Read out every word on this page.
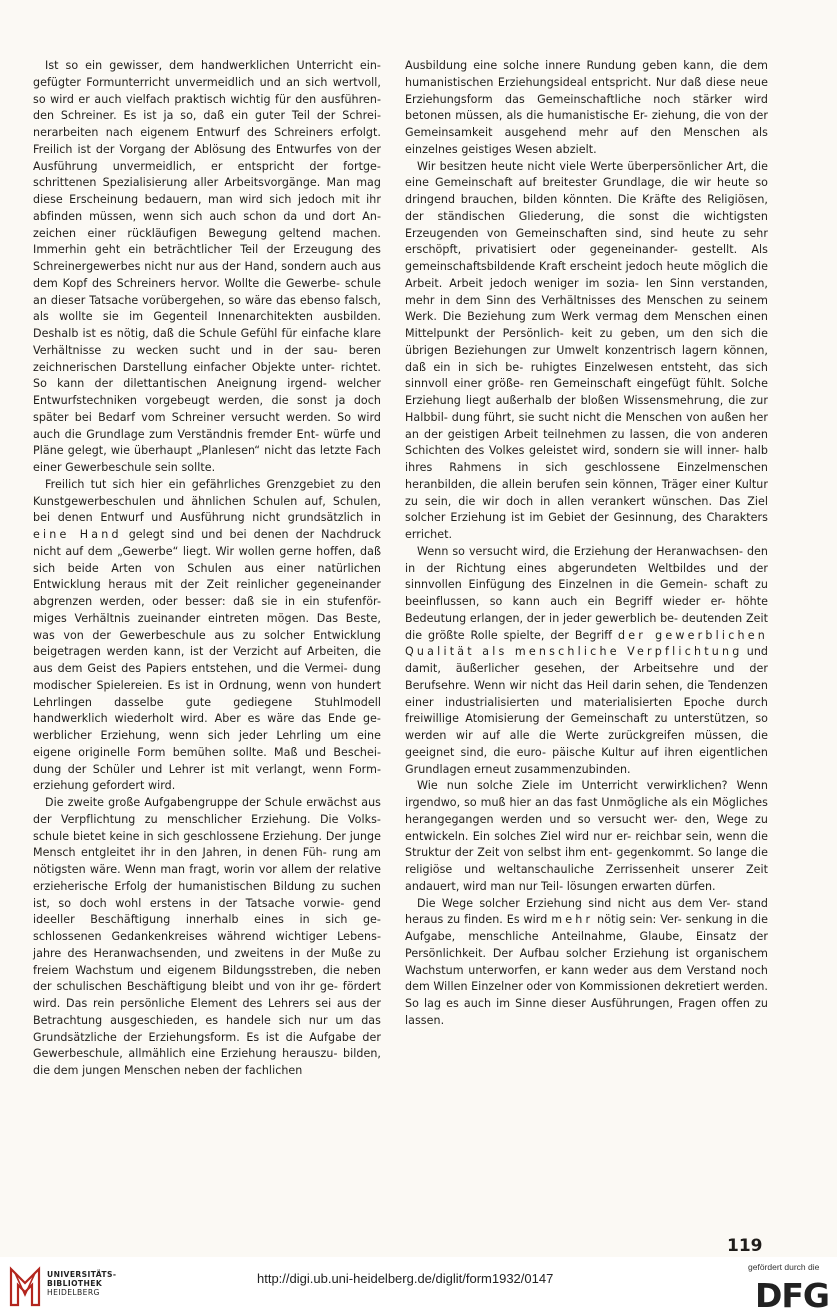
Ist so ein gewisser, dem handwerklichen Unterricht ein- gefügter Formunterricht unvermeidlich und an sich wertvoll, so wird er auch vielfach praktisch wichtig für den ausführen- den Schreiner. Es ist ja so, daß ein guter Teil der Schrei- nerarbeiten nach eigenem Entwurf des Schreiners erfolgt. Freilich ist der Vorgang der Ablösung des Entwurfes von der Ausführung unvermeidlich, er entspricht der fortge- schrittenen Spezialisierung aller Arbeitsvorgänge. Man mag diese Erscheinung bedauern, man wird sich jedoch mit ihr abfinden müssen, wenn sich auch schon da und dort An- zeichen einer rückläufigen Bewegung geltend machen. Immerhin geht ein beträchtlicher Teil der Erzeugung des Schreinergewerbes nicht nur aus der Hand, sondern auch aus dem Kopf des Schreiners hervor. Wollte die Gewerbe- schule an dieser Tatsache vorübergehen, so wäre das ebenso falsch, als wollte sie im Gegenteil Innenarchitekten ausbilden. Deshalb ist es nötig, daß die Schule Gefühl für einfache klare Verhältnisse zu wecken sucht und in der sau- beren zeichnerischen Darstellung einfacher Objekte unter- richtet. So kann der dilettantischen Aneignung irgend- welcher Entwurfstechniken vorgebeugt werden, die sonst ja doch später bei Bedarf vom Schreiner versucht werden. So wird auch die Grundlage zum Verständnis fremder Ent- würfe und Pläne gelegt, wie überhaupt „Planlesen“ nicht das letzte Fach einer Gewerbeschule sein sollte.

Freilich tut sich hier ein gefährliches Grenzgebiet zu den Kunstgewerbeschulen und ähnlichen Schulen auf, Schulen, bei denen Entwurf und Ausführung nicht grundsätzlich in eine Hand gelegt sind und bei denen der Nachdruck nicht auf dem „Gewerbe“ liegt. Wir wollen gerne hoffen, daß sich beide Arten von Schulen aus einer natürlichen Entwicklung heraus mit der Zeit reinlicher gegeneinander abgrenzen werden, oder besser: daß sie in ein stufenför- miges Verhältnis zueinander eintreten mögen. Das Beste, was von der Gewerbeschule aus zu solcher Entwicklung beigetragen werden kann, ist der Verzicht auf Arbeiten, die aus dem Geist des Papiers entstehen, und die Vermei- dung modischer Spielereien. Es ist in Ordnung, wenn von hundert Lehrlingen dasselbe gute gediegene Stuhlmodell handwerklich wiederholt wird. Aber es wäre das Ende ge- werblicher Erziehung, wenn sich jeder Lehrling um eine eigene originelle Form bemühen sollte. Maß und Beschei- dung der Schüler und Lehrer ist mit verlangt, wenn Form- erziehung gefordert wird.

Die zweite große Aufgabengruppe der Schule erwächst aus der Verpflichtung zu menschlicher Erziehung. Die Volks- schule bietet keine in sich geschlossene Erziehung. Der junge Mensch entgleitet ihr in den Jahren, in denen Füh- rung am nötigsten wäre. Wenn man fragt, worin vor allem der relative erzieherische Erfolg der humanistischen Bildung zu suchen ist, so doch wohl erstens in der Tatsache vorwie- gend ideeller Beschäftigung innerhalb eines in sich ge- schlossenen Gedankenkreises während wichtiger Lebens- jahre des Heranwachsenden, und zweitens in der Muße zu freiem Wachstum und eigenem Bildungsstreben, die neben der schulischen Beschäftigung bleibt und von ihr ge- fördert wird. Das rein persönliche Element des Lehrers sei aus der Betrachtung ausgeschieden, es handele sich nur um das Grundsätzliche der Erziehungsform. Es ist die Aufgabe der Gewerbeschule, allmählich eine Erziehung herauszu- bilden, die dem jungen Menschen neben der fachlichen

Ausbildung eine solche innere Rundung geben kann, die dem humanistischen Erziehungsideal entspricht. Nur daß diese neue Erziehungsform das Gemeinschaftliche noch stärker wird betonen müssen, als die humanistische Er- ziehung, die von der Gemeinsamkeit ausgehend mehr auf den Menschen als einzelnes geistiges Wesen abzielt.

Wir besitzen heute nicht viele Werte überpersönlicher Art, die eine Gemeinschaft auf breitester Grundlage, die wir heute so dringend brauchen, bilden könnten. Die Kräfte des Religiösen, der ständischen Gliederung, die sonst die wichtigsten Erzeugenden von Gemeinschaften sind, sind heute zu sehr erschöpft, privatisiert oder gegeneinander- gestellt. Als gemeinschaftsbildende Kraft erscheint jedoch heute möglich die Arbeit. Arbeit jedoch weniger im sozia- len Sinn verstanden, mehr in dem Sinn des Verhältnisses des Menschen zu seinem Werk. Die Beziehung zum Werk vermag dem Menschen einen Mittelpunkt der Persönlich- keit zu geben, um den sich die übrigen Beziehungen zur Umwelt konzentrisch lagern können, daß ein in sich be- ruhigtes Einzelwesen entsteht, das sich sinnvoll einer größe- ren Gemeinschaft eingefügt fühlt. Solche Erziehung liegt außerhalb der bloßen Wissensmehrung, die zur Halbbil- dung führt, sie sucht nicht die Menschen von außen her an der geistigen Arbeit teilnehmen zu lassen, die von anderen Schichten des Volkes geleistet wird, sondern sie will inner- halb ihres Rahmens in sich geschlossene Einzelmenschen heranbilden, die allein berufen sein können, Träger einer Kultur zu sein, die wir doch in allen verankert wünschen. Das Ziel solcher Erziehung ist im Gebiet der Gesinnung, des Charakters errichet.

Wenn so versucht wird, die Erziehung der Heranwachsen- den in der Richtung eines abgerundeten Weltbildes und der sinnvollen Einfügung des Einzelnen in die Gemein- schaft zu beeinflussen, so kann auch ein Begriff wieder er- höhte Bedeutung erlangen, der in jeder gewerblich be- deutenden Zeit die größte Rolle spielte, der Begriff der gewerblichen Qualität als menschliche Verpflichtung und damit, äußerlicher gesehen, der Arbeitsehre und der Berufsehre. Wenn wir nicht das Heil darin sehen, die Tendenzen einer industrialisierten und materialisierten Epoche durch freiwillige Atomisierung der Gemeinschaft zu unterstützen, so werden wir auf alle die Werte zurückgreifen müssen, die geeignet sind, die euro- päische Kultur auf ihren eigentlichen Grundlagen erneut zusammenzubinden.

Wie nun solche Ziele im Unterricht verwirklichen? Wenn irgendwo, so muß hier an das fast Unmögliche als ein Mögliches herangegangen werden und so versucht wer- den, Wege zu entwickeln. Ein solches Ziel wird nur er- reichbar sein, wenn die Struktur der Zeit von selbst ihm ent- gegenkommt. So lange die religiöse und weltanschauliche Zerrissenheit unserer Zeit andauert, wird man nur Teil- lösungen erwarten dürfen.

Die Wege solcher Erziehung sind nicht aus dem Ver- stand heraus zu finden. Es wird mehr nötig sein: Ver- senkung in die Aufgabe, menschliche Anteilnahme, Glaube, Einsatz der Persönlichkeit. Der Aufbau solcher Erziehung ist organischem Wachstum unterworfen, er kann weder aus dem Verstand noch dem Willen Einzelner oder von Kommissionen dekretiert werden. So lag es auch im Sinne dieser Ausführungen, Fragen offen zu lassen.

119
UNIVERSITÄTS-
BIBLIOTHEK
HEIDELBERG
http://digi.ub.uni-heidelberg.de/diglit/form1932/0147
gefördert durch die
DFG
